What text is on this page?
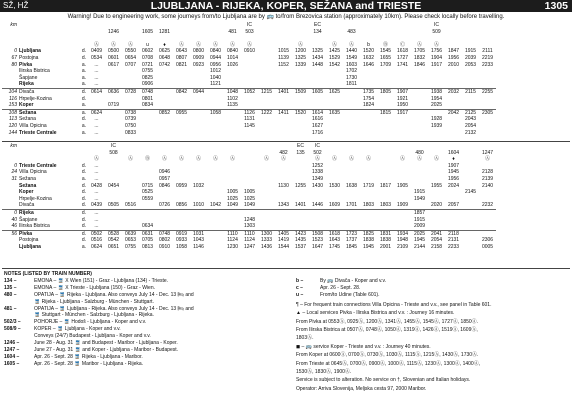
SŽ, HŽ	LJUBLJANA - RIJEKA, KOPER, SEŽANA and TRIESTE	1305
Warning! Due to engineering work, some journeys from/to Ljubljana are by 🚌 to/from Brezovica station (approximately 10km). Please check locally before travelling.
km												IC				EC							IC			
				1246		1605	1281				481	503				134		483					509			

			Ⓐ	Ⓐ	Ⓐ	u	♦	Ⓐ	Ⓐ	Ⓐ	Ⓐ	Ⓐ			Ⓐ		Ⓐ	Ⓐ	b	Ⓑ	Ⓒ	Ⓐ	Ⓐ			
0	Ljubljana	d.	0409	0500	0550	0602	0625	0643	0800	0840	0840	0910		1015	1200	1325	1425	1440	1520	1545	1618	1705	1756	1847	1915	2111
67	Postojna	d.	0534	0601	0654	0708	0648	0807	0909	0944	1014			1139	1325	1434	1529	1549	1632	1655	1727	1832	1904	1956	2039	2219
80	Pivka	a.	...	0617	0707	0721	0742	0821	0923	0956	1026			1152	1339	1448	1542	1603	1646	1709	1741	1846	1917	2010	2053	2233
	Ilirska Bistrica	a.	...			0755				1012								1702								
	Šapjane	a.	...			0825				1040								1730								
	Rijeka	a.	...			0906				1121								1811								
104	Divača	d.	0614	0636	0728	0748		0842	0944		1048	1052	1215	1401	1509	1605	1625		1735	1805	1907		1938	2032	2115	2255
116	Hrpelje-Kozina	d.				0801					1102								1754		1921		1954			
153	Koper	a.		0719		0834					1135								1824		1950		2025			
108	Sežana	a.	0624		0738		0852	0955		1058		1126	1222	1411	1520	1614	1635			1815	1917			2042	2125	2305
113	Sežana	d.	...		0739							1131				1616							1928		2043	
120	Villa Opicina	a.	...		0750							1145				1627							1939		2054	
144	Trieste Centrale	a.	...		0833											1716									2132	
km				IC											EC	IC										
				508										482	135	502						480		1604		1247
			Ⓐ		Ⓐ	Ⓑ	Ⓐ	Ⓐ	Ⓐ	Ⓐ	Ⓐ		Ⓐ	Ⓐ		Ⓐ	Ⓐ	Ⓐ	Ⓐ		Ⓐ	Ⓐ	Ⓐ	♦		Ⓐ
0	Trieste Centrale	d.	...													1252								1907		
24	Villa Opicina	d.	...				0946									1338								1945		2128
31	Sežana	a.	...				0957									1349								1956		2139
	Sežana	d.	0428	0454		0715	0846	0959	1032					1130	1255	1430	1530	1638	1719	1817	1905		1955	2024		2140
	Koper	d.	...			0525					1005	1005										1915			2145	
	Hrpelje-Kozina	d.	...			0559					1025	1025										1949				
	Divača	d.	0439	0505	0516		0726	0856	1010	1042	1049	1049		1343	1401	1446	1609	1701	1803	1803	1909		2020	2057		2232
0	Rijeka	d.	...																			1857				
40	Šapjane	d.	...									1248										1915				
46	Ilirska Bistrica	d.	...			0634						1303										2009				
56	Pivka	d.	0502	0528	0639	0631	0748	0919	1031		1110	1110	1300	1405	1423	1508	1618	1723	1825	1831	1934	2025	2041	2118		
	Postojna	d.	0516	0542	0653	0705	0802	0933	1043		1124	1124	1333	1419	1435	1523	1643	1737	1838	1838	1948	1945	2054	2131		2306
	Ljubljana	a.	0624	0651	0755	0813	0910	1058	1146		1230	1247	1436	1544	1537	1647	1745	1845	1945	2001	2109	2144	2158	2233		0005
NOTES (LISTED BY TRAIN NUMBER)
134 –	EMONA – 🚆 X Wien (151) - Graz - Ljubljana (134) - Trieste.
135 –	EMONA – 🚆 X Trieste - Ljubljana (150) - Graz - Wien.
480 –	OPATIJA – 🚆 Rijeka - Ljubljana. Also conveys July 14 - Dec. 13 🛏 and
🚆 Rijeka - Ljubljana - Salzburg - München - Stuttgart.
481 –	OPATIJA – 🚆 Ljubljana - Rijeka. Also conveys July 14 - Dec. 13 🛏 and
🚆 Stuttgart - München - Salzburg - Ljubljana - Rijeka.
502/3 –	POHORJE – 🚆 Hodoš - Ljubljana - Koper and v.v.
508/9 –	KOPER – 🚆 Ljubljana - Koper and v.v.
Conveys (24/7) Budapest - Ljubljana - Koper and v.v.
1246 –	June 28 - Aug. 31 🚆 and Budapest - Maribor - Ljubljana - Koper.
1247 –	June 27 - Aug. 31 🚆 and Koper - Ljubljana - Maribor - Budapest.
1604 –	Apr. 26 - Sept. 28 🚆 Rijeka - Ljubljana - Maribor.
1605 –	Apr. 26 - Sept. 28 🚆 Maribor - Ljubljana - Rijeka.
b –	By 🚌 Divača - Koper and v.v.
c –	Apr. 26 - Sept. 28.
u –	From/to Udine (Table 601).

¶ – For frequent train connections Villa Opicina - Trieste and v.v., see panel in Table 601.

▲ – Local services Pivka - Ilirska Bistrica and v.v. : Journey 16 minutes.

From Pivka at 0553Ⓐ, 0925Ⓐ, 1200Ⓐ, 1341Ⓐ, 1455Ⓐ, 1545Ⓐ, 1727Ⓐ, 1850Ⓐ.

From Ilirska Bistrica at 0507Ⓐ, 0748Ⓐ, 1050Ⓐ, 1319Ⓐ, 1426Ⓐ, 1519Ⓐ, 1609Ⓐ,

1803Ⓐ.

◼ – 🚌 service Koper - Trieste and v.v. : Journey 40 minutes.

From Koper at 0600Ⓐ, 0700Ⓐ, 0730Ⓐ, 1030Ⓐ, 1115Ⓐ, 1215Ⓐ, 1430Ⓐ, 1730Ⓐ.

From Trieste at 0645Ⓐ, 0700Ⓐ, 0900Ⓐ, 1000Ⓐ, 1115Ⓐ, 1230Ⓐ, 1300Ⓐ, 1400Ⓐ,

1530Ⓐ, 1830Ⓐ, 1900Ⓐ.

Service is subject to alteration. No service on †, Slovenian and Italian holidays.

Operator: Arriva Slovenija, Meljska cesta 97, 2000 Maribor.
